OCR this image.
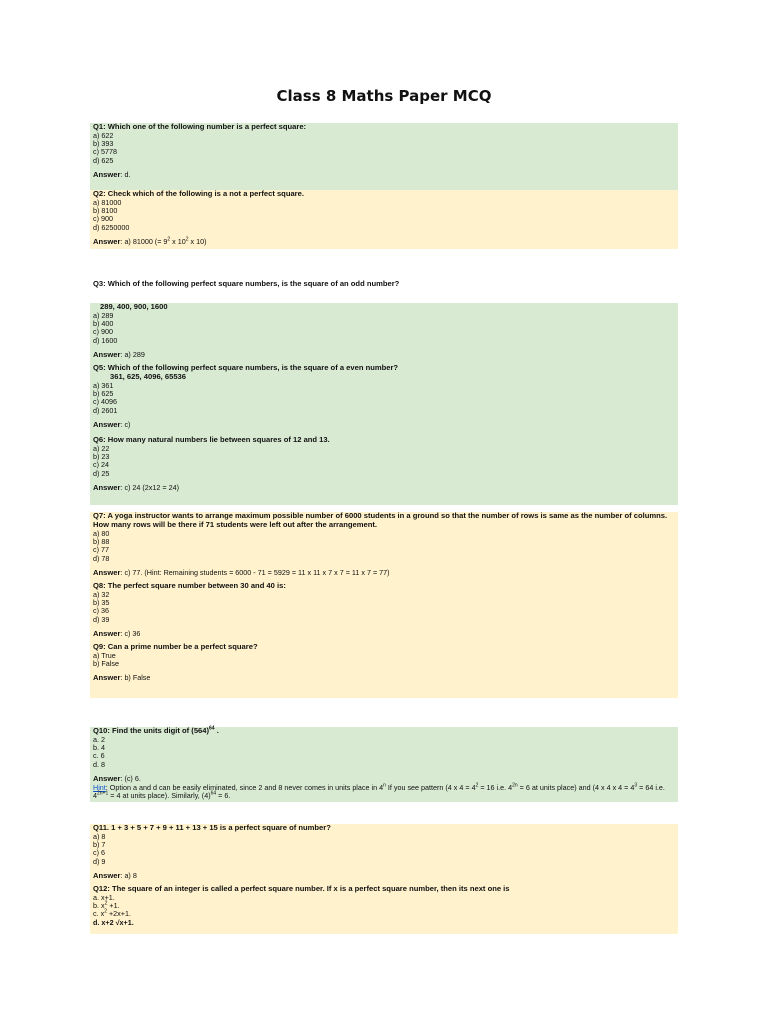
Class 8 Maths Paper MCQ
Q1: Which one of the following number is a perfect square:
a) 622
b) 393
c) 5778
d) 625
Answer: d.
Q2: Check which of the following is a not a perfect square.
a) 81000
b) 8100
c) 900
d) 6250000
Answer: a) 81000 (= $9^2$ x $10^2$ x 10)
Q3: Which of the following perfect square numbers, is the square of an odd number?
289, 400, 900, 1600
a) 289
b) 400
c) 900
d) 1600
Answer: a) 289
Q5: Which of the following perfect square numbers, is the square of a even number?
361, 625, 4096, 65536
a) 361
b) 625
c) 4096
d) 2601
Answer: c)
Q6: How many natural numbers lie between squares of 12 and 13.
a) 22
b) 23
c) 24
d) 25
Answer: c) 24 (2x12 = 24)
Q7: A yoga instructor wants to arrange maximum possible number of 6000 students in a ground so that the number of rows is same as the number of columns. How many rows will be there if 71 students were left out after the arrangement.
a) 80
b) 88
c) 77
d) 78
Answer: c) 77. (Hint: Remaining students = 6000 - 71 = 5929 = 11 x 11 x 7 x 7 = 11 x 7 = 77)
Q8: The perfect square number between 30 and 40 is:
a) 32
b) 35
c) 36
d) 39
Answer: c) 36
Q9: Can a prime number be a perfect square?
a) True
b) False
Answer: b) False
Q10: Find the units digit of $(564)^{64}$ .
a. 2
b. 4
c. 6
d. 8
Answer: (c) 6.
Hint: Option a and d can be easily eliminated, since 2 and 8 never comes in units place in 4$^n$ If you see pattern (4 x $4 = 4^2 = 16$ i.e. $4^{2n} = 6$ at units place) and (4 x 4 x $4 = 4^3 = 64$ i.e. $4^{2n+1} = 4$ at units place). Similarly, $(4)^{64} = 6$.
Q11. 1 + 3 + 5 + 7 + 9 + 11 + 13 + 15 is a perfect square of number?
a) 8
b) 7
c) 6
d) 9
Answer: a) 8
Q12: The square of an integer is called a perfect square number. If x is a perfect square number, then its next one is
a. x+1.
b. $x^2 +1$.
c. $x^2 +2x+1$.
d. x+2 √x+1.
